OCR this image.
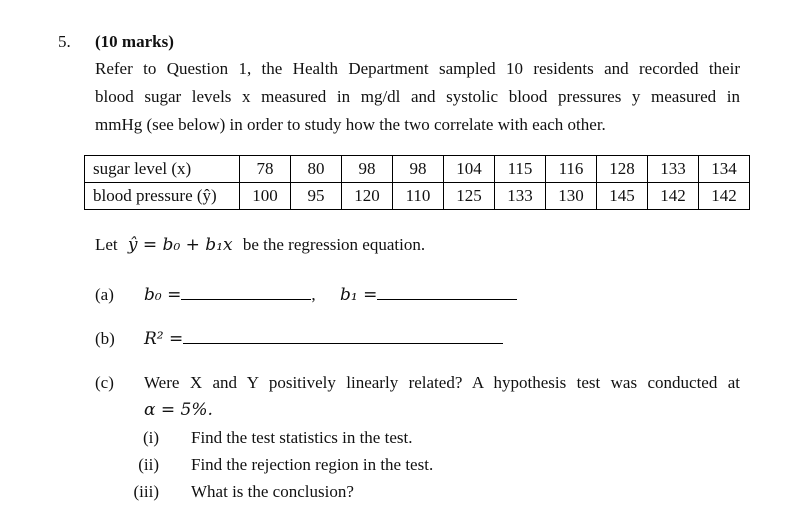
5. (10 marks)
Refer to Question 1, the Health Department sampled 10 residents and recorded their
blood sugar levels x measured in mg/dl and systolic blood pressures y measured in
mmHg (see below) in order to study how the two correlate with each other.
sugar level (x)	78	80	98	98	104	115	116	128	133	134
blood pressure (ŷ)	100	95	120	110	125	133	130	145	142	142
Let ŷ = b₀ + b₁x be the regression equation.
(a) b₀ =	, b₁ =
(b) R² =
(c) Were X and Y positively linearly related? A hypothesis test was conducted at
α = 5%.
(i) Find the test statistics in the test.
(ii) Find the rejection region in the test.
(iii) What is the conclusion?
